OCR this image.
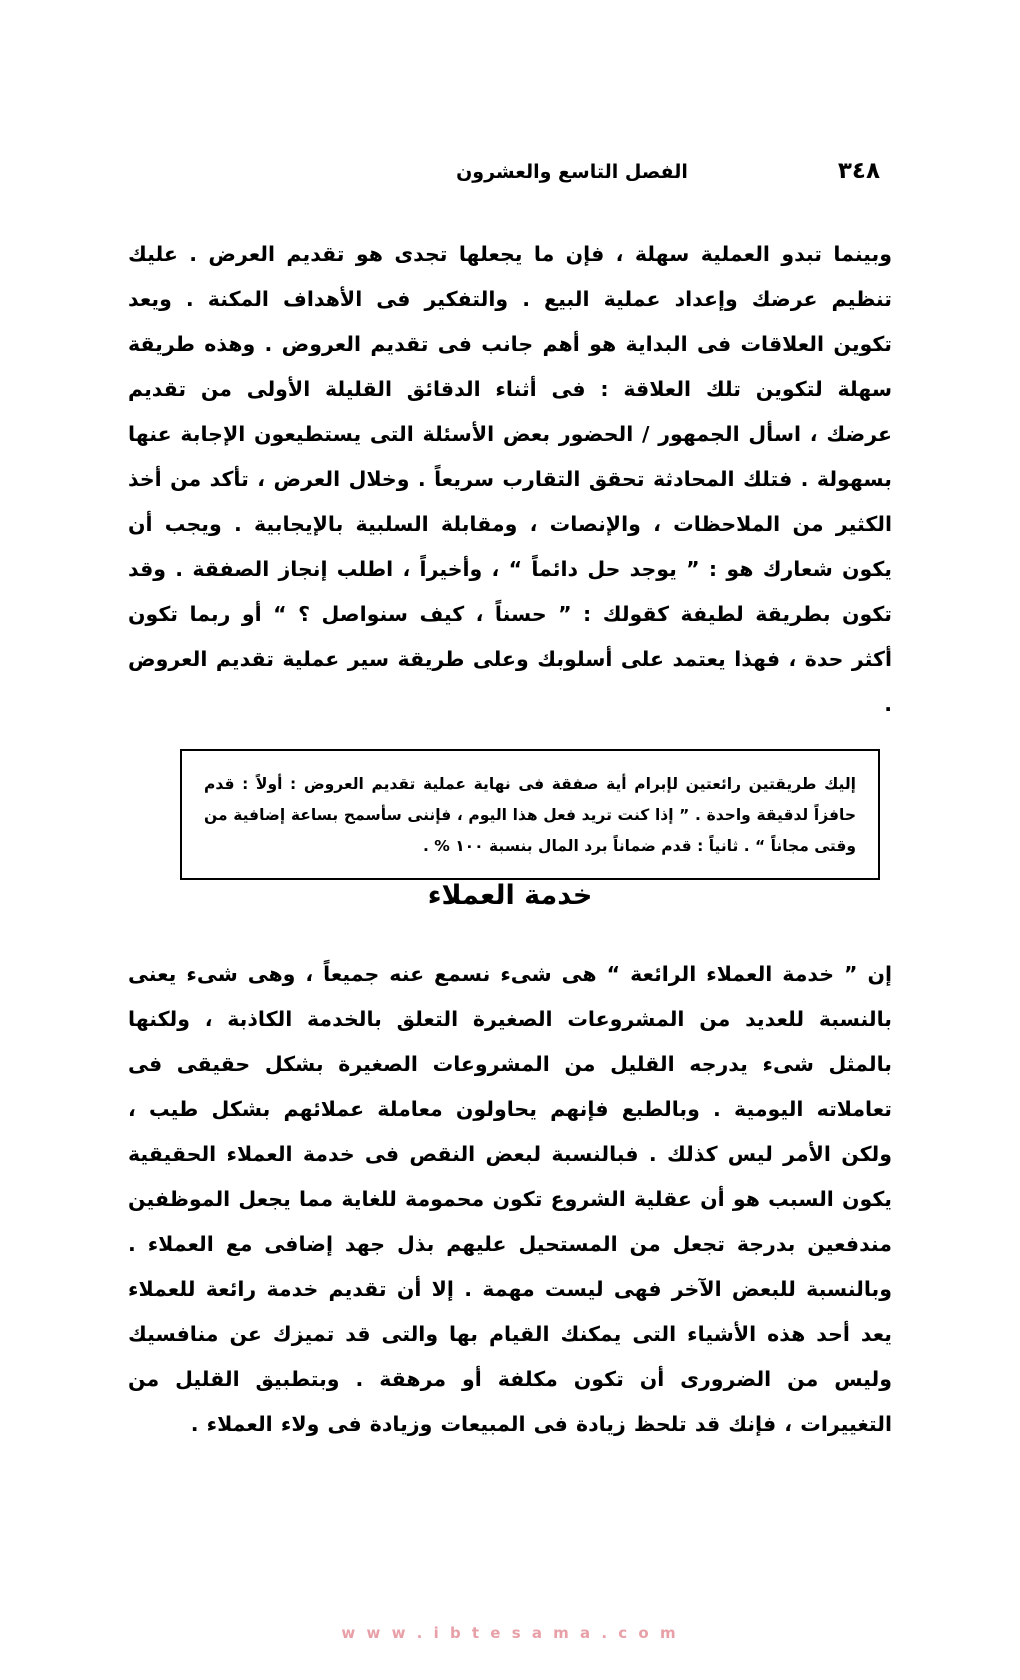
٣٤٨
الفصل التاسع والعشرون

وبينما تبدو العملية سهلة ، فإن ما يجعلها تجدى هو تقديم العرض . عليك تنظيم عرضك وإعداد عملية البيع . والتفكير فى الأهداف المكنة . ويعد تكوين العلاقات فى البداية هو أهم جانب فى تقديم العروض . وهذه طريقة سهلة لتكوين تلك العلاقة : فى أثناء الدقائق القليلة الأولى من تقديم عرضك ، اسأل الجمهور / الحضور بعض الأسئلة التى يستطيعون الإجابة عنها بسهولة . فتلك المحادثة تحقق التقارب سريعاً . وخلال العرض ، تأكد من أخذ الكثير من الملاحظات ، والإنصات ، ومقابلة السلبية بالإيجابية . ويجب أن يكون شعارك هو : ” يوجد حل دائماً “ ، وأخيراً ، اطلب إنجاز الصفقة . وقد تكون بطريقة لطيفة كقولك : ” حسناً ، كيف سنواصل ؟ “ أو ربما تكون أكثر حدة ، فهذا يعتمد على أسلوبك وعلى طريقة سير عملية تقديم العروض .

إليك طريقتين رائعتين لإبرام أية صفقة فى نهاية عملية تقديم العروض : أولاً : قدم حافزاً لدقيقة واحدة . ” إذا كنت تريد فعل هذا اليوم ، فإننى سأسمح بساعة إضافية من وقتى مجاناً “ . ثانياً : قدم ضماناً برد المال بنسبة ١٠٠ % .

خدمة العملاء

إن ” خدمة العملاء الرائعة “ هى شىء نسمع عنه جميعاً ، وهى شىء يعنى بالنسبة للعديد من المشروعات الصغيرة التعلق بالخدمة الكاذبة ، ولكنها بالمثل شىء يدرجه القليل من المشروعات الصغيرة بشكل حقيقى فى تعاملاته اليومية . وبالطبع فإنهم يحاولون معاملة عملائهم بشكل طيب ، ولكن الأمر ليس كذلك . فبالنسبة لبعض النقص فى خدمة العملاء الحقيقية يكون السبب هو أن عقلية الشروع تكون محمومة للغاية مما يجعل الموظفين مندفعين بدرجة تجعل من المستحيل عليهم بذل جهد إضافى مع العملاء . وبالنسبة للبعض الآخر فهى ليست مهمة . إلا أن تقديم خدمة رائعة للعملاء يعد أحد هذه الأشياء التى يمكنك القيام بها والتى قد تميزك عن منافسيك وليس من الضرورى أن تكون مكلفة أو مرهقة . وبتطبيق القليل من التغييرات ، فإنك قد تلحظ زيادة فى المبيعات وزيادة فى ولاء العملاء .

w w w . i b t e s a m a . c o m
